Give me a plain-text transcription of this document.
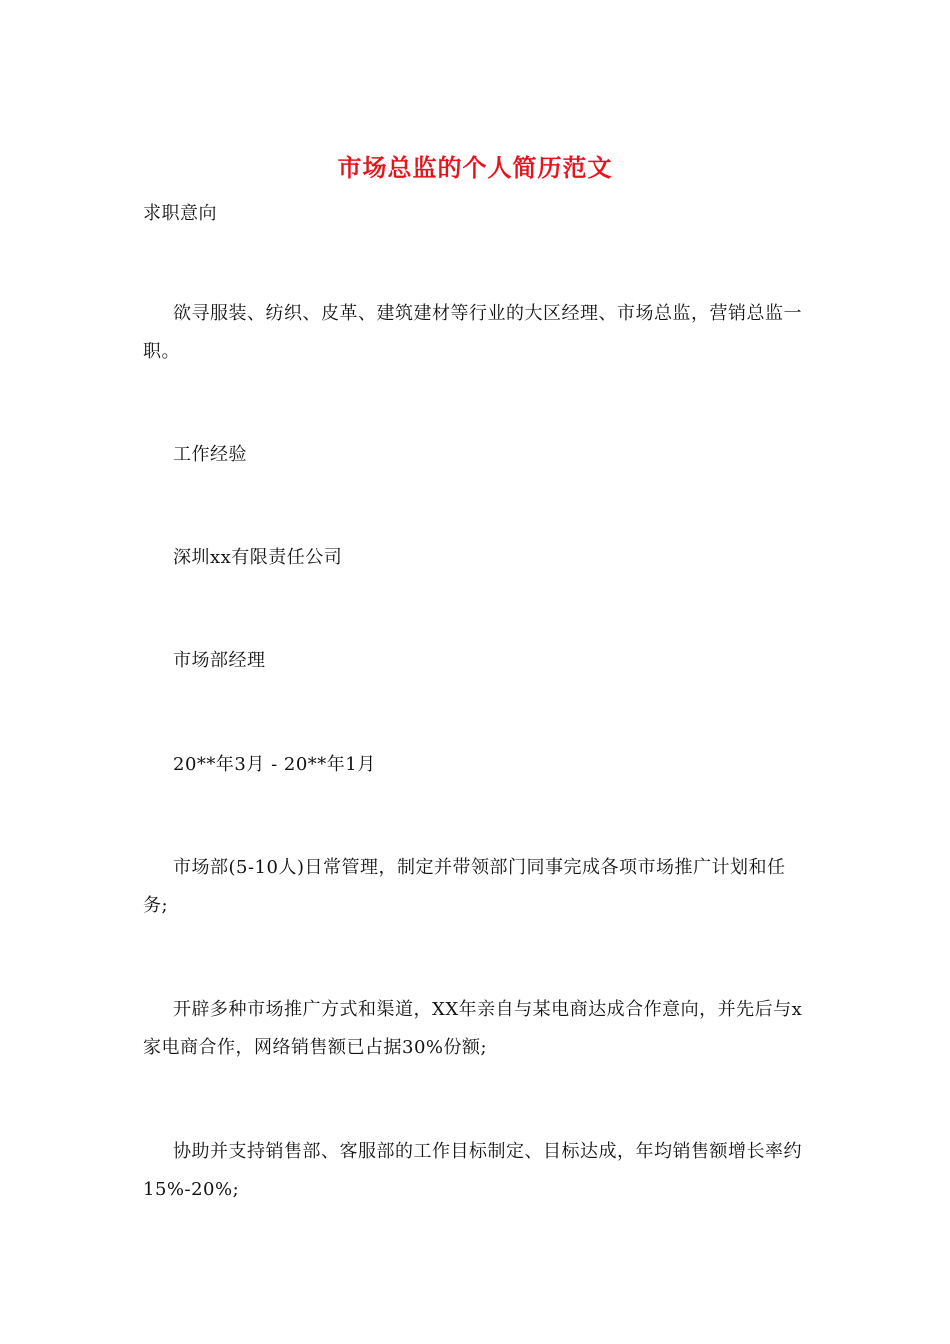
市场总监的个人简历范文

求职意向

欲寻服装、纺织、皮革、建筑建材等行业的大区经理、市场总监，营销总监一职。

工作经验

深圳xx有限责任公司

市场部经理

20**年3月 - 20**年1月

市场部(5-10人)日常管理，制定并带领部门同事完成各项市场推广计划和任务;

开辟多种市场推广方式和渠道，XX年亲自与某电商达成合作意向，并先后与x家电商合作，网络销售额已占据30%份额;

协助并支持销售部、客服部的工作目标制定、目标达成，年均销售额增长率约15%-20%;
